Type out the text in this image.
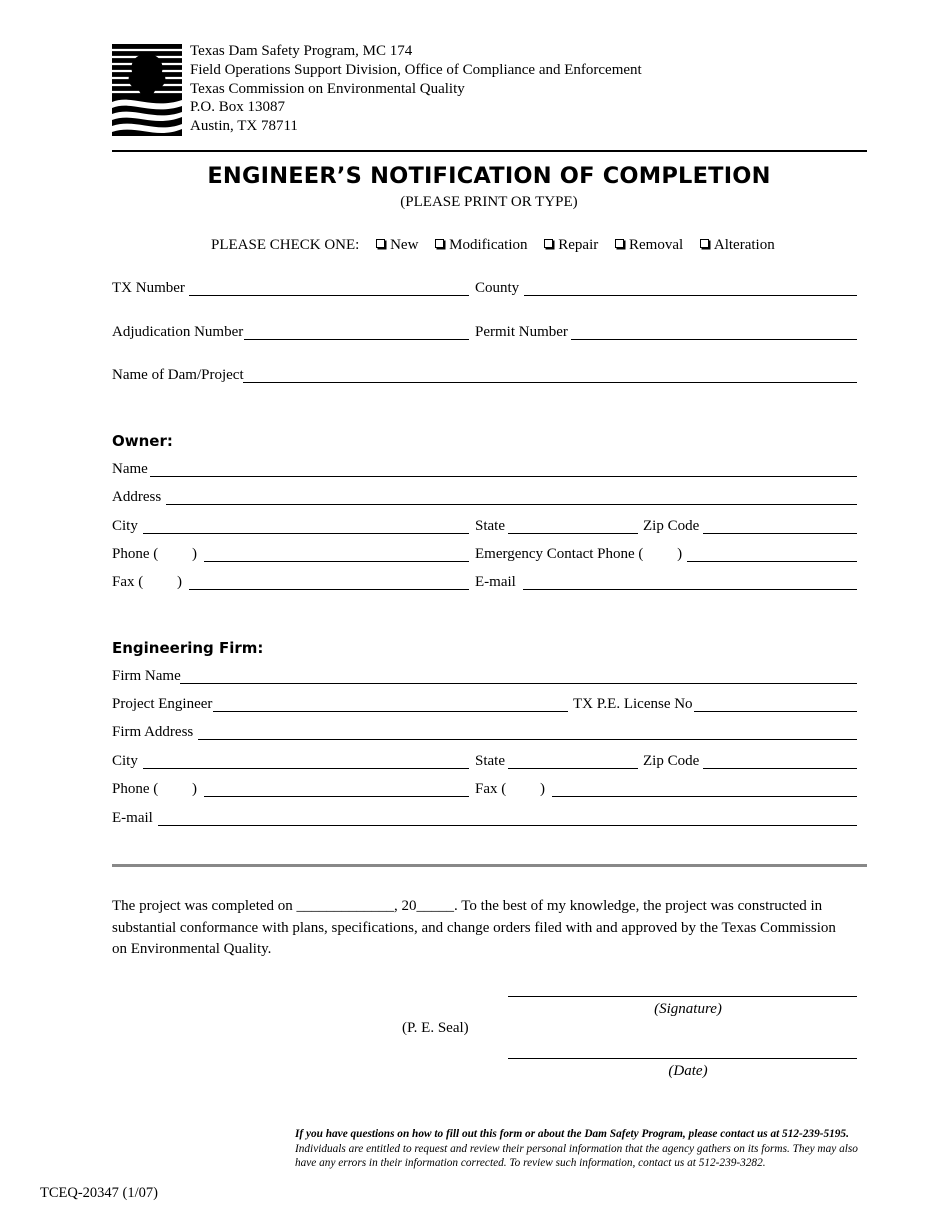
Texas Dam Safety Program, MC 174
Field Operations Support Division, Office of Compliance and Enforcement
Texas Commission on Environmental Quality
P.O. Box 13087
Austin, TX 78711
ENGINEER’S NOTIFICATION OF COMPLETION
(PLEASE PRINT OR TYPE)
PLEASE CHECK ONE: New Modification Repair Removal Alteration
TX Number	County
Adjudication Number	Permit Number
Name of Dam/Project
Owner:
Name
Address
City	State	Zip Code
Phone (         )	Emergency Contact Phone (         )
Fax (         )	E-mail
Engineering Firm:
Firm Name
Project Engineer	TX P.E. License No
Firm Address
City	State	Zip Code
Phone (         )	Fax (         )
E-mail
The project was completed on _____________, 20_____. To the best of my knowledge, the project was constructed in substantial conformance with plans, specifications, and change orders filed with and approved by the Texas Commission on Environmental Quality.
(Signature)
(P. E. Seal)
(Date)
If you have questions on how to fill out this form or about the Dam Safety Program, please contact us at 512-239-5195. Individuals are entitled to request and review their personal information that the agency gathers on its forms. They may also have any errors in their information corrected. To review such information, contact us at 512-239-3282.
TCEQ-20347 (1/07)
